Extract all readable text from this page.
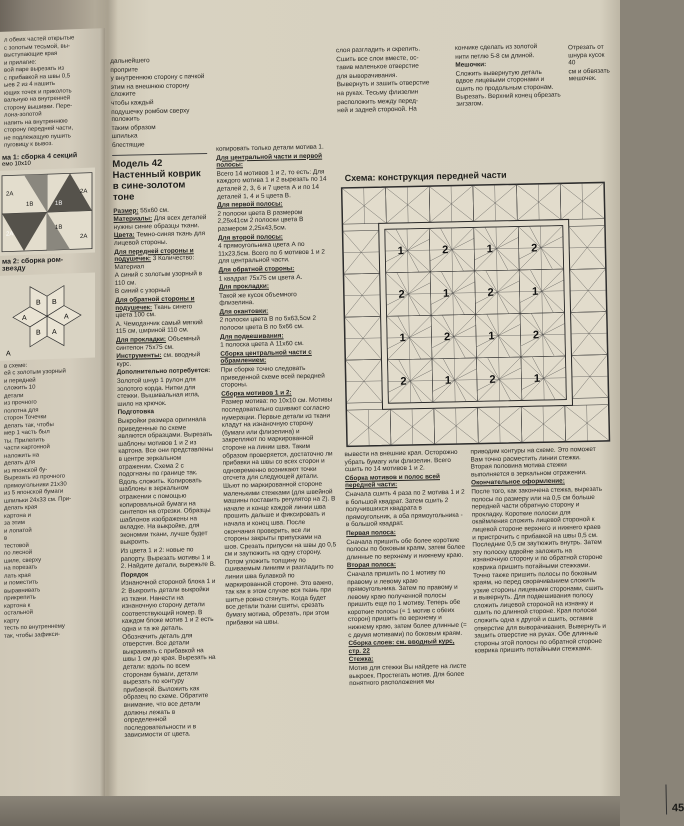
л обеих частей открытые

с золотым тесьмой, вы-

выступающие края

и прилагие:

вой паре вырезать из

с прибавкой на швы 0,5

ыев 2 из 4 нашить

ющих точек и приколоть

вальную на внутренней

сторону вышивки. Пере-

лона-золотой

напить на внутреннюю

сторону передней части,

не подлежащую пушить

пуговицу к вывоз.

ма 1: сборка 4 секций
емо 10х10
2A
1B	1B
2A
2A
1B
2A
ма 2: сборка ром-
звезду
B
A
A
B
A
B
A

в схеме:

ей с золотым узорный

и передней

сложить 10

детали

из прочного

полотна для

сторон Точечки

делать так, чтобы

мер 1 часть был

ты. Прилепить

части картонной

наложить на

делать для

из японской бу-

Вырезать из прочного

прямоугольники 21х30

из 5 японской бумаги

шпильки 24х33 см. При-

делать края

картона и

за этим

и лопатой

в

тестовой

по лесной

шиле, сверху

на порезать

лать края

и поместить

выравнивать

прикрепить

картона к

остальной

карту

тесть по внутреннему

так, чтобы зафикси-

дальнейшего

проприте

у внутреннюю сторону с пачкой

этим на внешнюю сторону сложите

чтобы каждый

подушечку ромбом сверху положить

таким образом

шпилька

блестящие

Модель 42
Настенный коврик
в сине-золотом тоне

Размер: 55x60 см.

Материалы: Для всех деталей нужны синие образцы ткани.

Цвета: Темно-синяя ткань для лицевой стороны.

Для передней стороны и подушечек: 3 Количество: Материал

А синий с золотым узорный в 110 см.

В синий с узорный

Для обратной стороны и подушечек: Ткань синего цвета 100 см.

А. Чемоданчик самый мягкий 115 см, шириной 110 см.

Для прокладки: Объемный синтепон 75х75 см.

Инструменты: см. вводный курс.

Дополнительно потребуется:

Золотой шнур 1 рулон для золотого корда. Нитки для стежки. Вышивальная игла, шило на крючок.

Подготовка

Выкройки размера оригинала приведенные по схеме являются образцами. Вырезать шаблоны мотивов 1 и 2 из картона. Все они представлены в центре зеркальном отражении. Схема 2 с подогнаны по границе так. Вдоль сложить. Копировать шаблоны в зеркальном отражении с помощью копировальной бумаги на синтепон на отрезки. Образцы шаблонов изображены на вкладке. На выкройке, для экономии ткани, лучше будет выкроить.

Из цвета 1 и 2: новые по рапорту. Вырезать мотивы 1 и 2. Найдите детали, вырежьте В.

Порядок

Изнаночной стороной блока 1 и 2: Выкроить детали выкройки из ткани. Нанести на изнаночную сторону детали соответствующий номер. В каждом блоке мотив 1 и 2 есть одна и та же деталь. Обозначить деталь для отверстия. Все детали выкраивать с прибавкой на швы 1 см до края. Вырезать на детали: вдоль по всем сторонам бумаги, детали вырезать по контуру прибавкой. Выложить как образец по схеме. Обратите внимание, что все детали должны лежать в определенной последовательности и в зависимости от цвета.

копировать только детали мотива 1.

Для центральной части и первой полосы:

Всего 14 мотивов 1 и 2, то есть: Для каждого мотива 1 и 2 вырезать по 14 деталей 2, 3, 6 и 7 цвета А и по 14 деталей 1, 4 и 5 цвета В.

Для первой полосы:

2 полоски цвета В размером 2,25х41см 2 полоски цвета В размером 2,25х43,5см.

Для второй полосы:

4 прямоугольника цвета А по 11х23,5см. Всего по 6 мотивов 1 и 2 для центральной части.

Для обратной стороны:

1 квадрат 75х75 см цвета А.

Для прокладки:

Такой же кусок объемного флизелина.

Для окантовки:

2 полоски цвета В по 5х63,5см 2 полоски цвета В по 5х66 см.

Для подвешивания:

1 полоска цвета А 11х60 см.

Сборка центральной части с обрамлением:

При сборке точно следовать приведенной схеме всей передней стороны.

Сборка мотивов 1 и 2:

Размер мотива: по 10х10 см. Мотивы последовательно сшивают согласно нумерации. Первые детали из ткани кладут на изнаночную сторону (бумаги или флизелина) и закрепляют по маркированной стороне на линии шва. Таким образом проверяется, достаточно ли прибавки на швы со всех сторон и одновременно возникают точки отсчета для следующей детали. Шьют по маркированной стороне маленькими стежками (для швейной машины поставить регулятор на 2). В начале и конце каждой линии шва прошить дальше и фиксировать и начала и конец шва. После окончания проверить, все ли стороны закрыты припусками на шов. Срезать припуски на швы до 0,5 см и заутюжить на одну сторону. Потом уложить толщину по сшиваемым линиям и разгладить по линии шва булавкой по маркированной стороне. Это важно, так как в этом случае вся ткань при шитье ровно стянуть. Когда будет все детали ткани сшиты, срезать бумагу мотива, обрезать, при этом прибавки на швы.

слоя разгладить и скрепить.

Сшить все слои вместе, ос-

тавив маленькое отверстие

для выворачивания.

Вывернуть и зашить отверстие

на руках. Тесьму флизелин

расположить между перед-

ней и задней стороной. На

кончике сделать из золотой

нити петлю 5-8 см длиной.

Мешочки:

Сложить вывернутую деталь вдвое лицевыми сторонами и сшить по продольным сторонам. Вырезать. Верхний конец обрезать зигзагом.

Отрезать от шнура кусок 40

см и обвязать мешочек.

Схема: конструкция передней части
1	2	1	2
2	1	2	1
1	2	1	2
2	1	2	1

вывести на внешние края. Осторожно убрать бумагу или флизелин. Всего сшить по 14 мотивов 1 и 2.

Сборка мотивов и полос всей передней части:

Сначала сшить 4 раза по 2 мотива 1 и 2 в большой квадрат. Затем сшить 2 получившихся квадрата в прямоугольник, а оба прямоугольника - в большой квадрат.

Первая полоса:

Сначала пришить обе более короткие полосы по боковым краям, затем более длинные по верхнему и нижнему краю.

Вторая полоса:

Сначала пришить по 1 мотиву по правому и левому краю прямоугольника. Затем по правому и левому краю полученной полосы пришить еще по 1 мотиву. Теперь обе короткие полосы (= 1 мотив с обеих сторон) пришить по верхнему и нижнему краю, затем более длинные (= с двумя мотивами) по боковым краям.

Сборка слоев: см. вводный курс, стр. 22

Стежка:

Мотив для стежки Вы найдете на листе выкроек. Простегать мотив. Для более понятного расположения мы

приводим контуры на схеме. Это поможет Вам точно расместить линии стежки. Вторая половина мотива стежки выполняется в зеркальном отражении.

Окончательное оформление:

После того, как закончена стежка, вырезать полосы по размеру или на 0,5 см больше передней части обратную сторону и прокладку. Короткие полоски для окаймления сложить лицевой стороной к лицевой стороне верхнего и нижнего краев и пристрочить с прибавкой на швы 0,5 см. Последние 0,5 см заутюжить внутрь. Затем эту полоску вдвойне заложить на изнаночную сторону и по обратной стороне коврика пришить потайными стежками. Точно также пришить полосы по боковым краям, но перед сворачиванием сложить узкие стороны лицевыми сторонами, сшить и вывернуть. Для подвешивания полосу сложить лицевой стороной на изнанку и сшить по длинной стороне. Края полоски сложить одна к другой и сшить, оставив отверстие для выворачивания. Вывернуть и зашить отверстие на руках. Обе длинные стороны этой полосы по обратной стороне коврика пришить потайными стежками.

45
